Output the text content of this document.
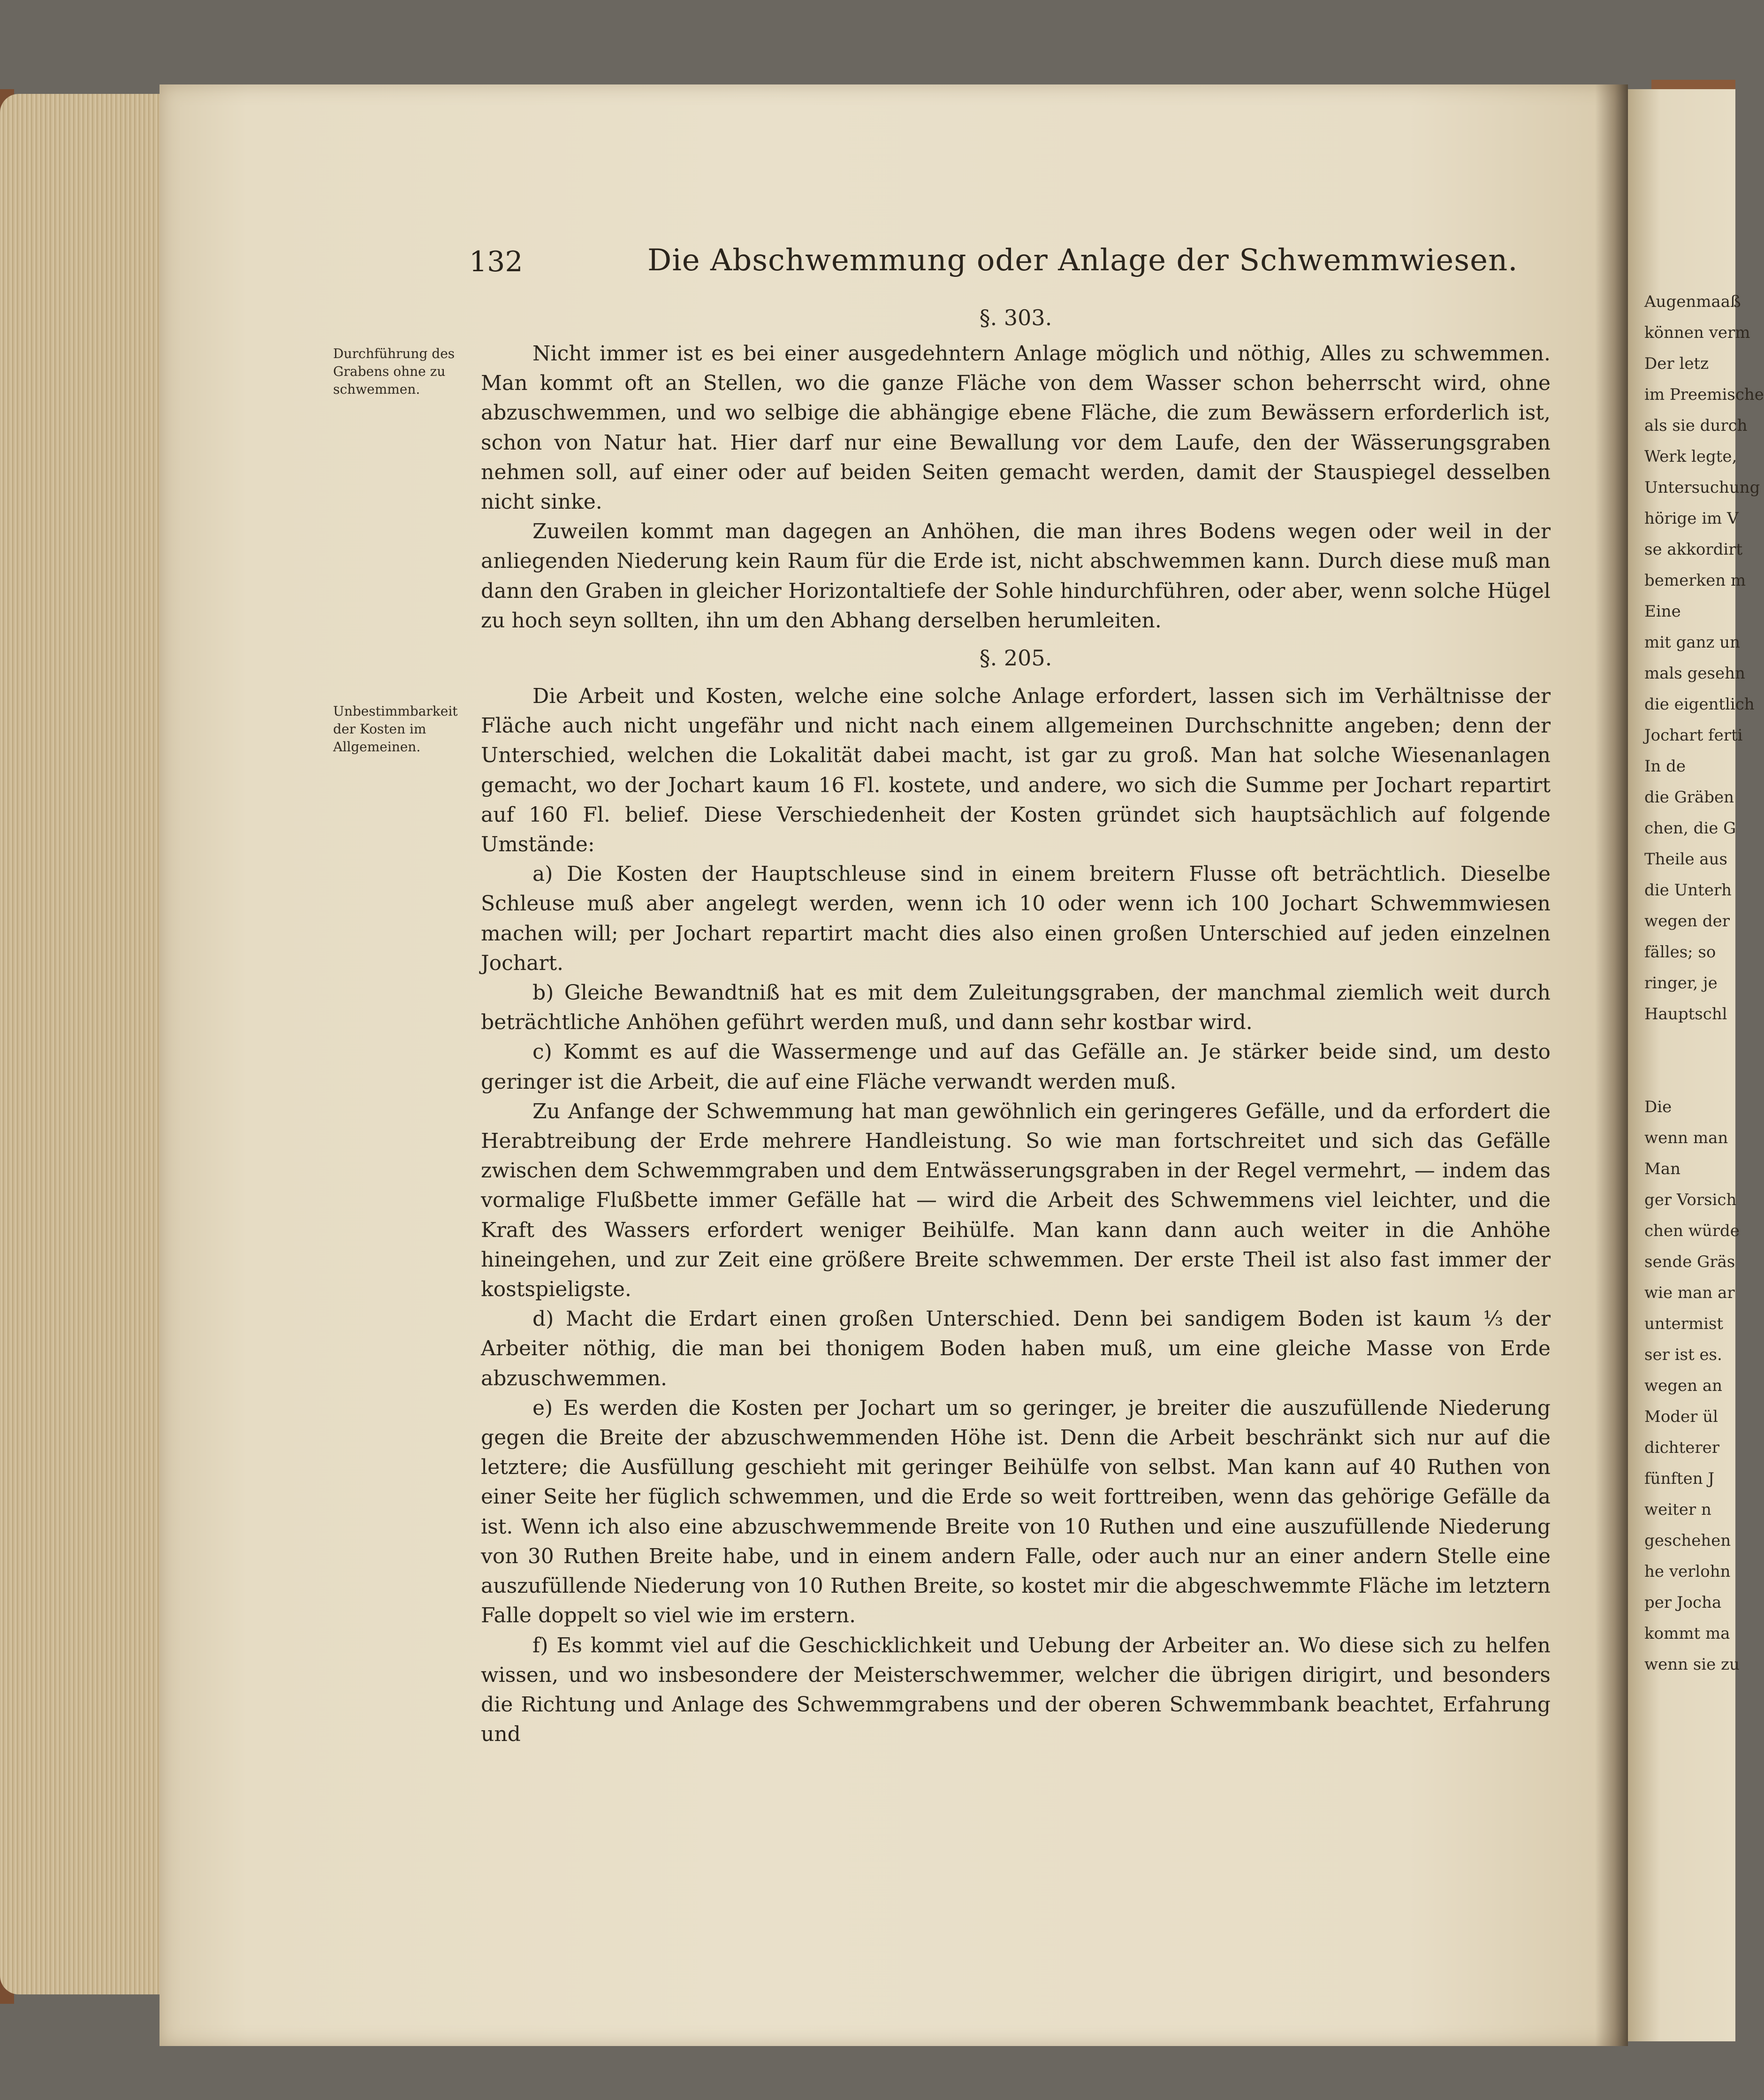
Die Abschwemmung oder Anlage der Schwemmwiesen.
132
§. 303.
Durchführung des Grabens ohne zu schwemmen.

Nicht immer ist es bei einer ausgedehntern Anlage möglich und nöthig, Alles zu schwemmen. Man kommt oft an Stellen, wo die ganze Fläche von dem Wasser schon beherrscht wird, ohne abzuschwemmen, und wo selbige die abhängige ebene Fläche, die zum Bewässern erforderlich ist, schon von Natur hat. Hier darf nur eine Bewallung vor dem Laufe, den der Wässerungsgraben nehmen soll, auf einer oder auf beiden Seiten gemacht werden, damit der Stauspiegel desselben nicht sinke.

Zuweilen kommt man dagegen an Anhöhen, die man ihres Bodens wegen oder weil in der anliegenden Niederung kein Raum für die Erde ist, nicht abschwemmen kann. Durch diese muß man dann den Graben in gleicher Horizontaltiefe der Sohle hindurchführen, oder aber, wenn solche Hügel zu hoch seyn sollten, ihn um den Abhang derselben herumleiten.

§. 205.
Unbestimmbarkeit der Kosten im Allgemeinen.

Die Arbeit und Kosten, welche eine solche Anlage erfordert, lassen sich im Verhältnisse der Fläche auch nicht ungefähr und nicht nach einem allgemeinen Durchschnitte angeben; denn der Unterschied, welchen die Lokalität dabei macht, ist gar zu groß. Man hat solche Wiesenanlagen gemacht, wo der Jochart kaum 16 Fl. kostete, und andere, wo sich die Summe per Jochart repartirt auf 160 Fl. belief. Diese Verschiedenheit der Kosten gründet sich hauptsächlich auf folgende Umstände:

a) Die Kosten der Hauptschleuse sind in einem breitern Flusse oft beträchtlich. Dieselbe Schleuse muß aber angelegt werden, wenn ich 10 oder wenn ich 100 Jochart Schwemmwiesen machen will; per Jochart repartirt macht dies also einen großen Unterschied auf jeden einzelnen Jochart.

b) Gleiche Bewandtniß hat es mit dem Zuleitungsgraben, der manchmal ziemlich weit durch beträchtliche Anhöhen geführt werden muß, und dann sehr kostbar wird.

c) Kommt es auf die Wassermenge und auf das Gefälle an. Je stärker beide sind, um desto geringer ist die Arbeit, die auf eine Fläche verwandt werden muß.

Zu Anfange der Schwemmung hat man gewöhnlich ein geringeres Gefälle, und da erfordert die Herabtreibung der Erde mehrere Handleistung. So wie man fortschreitet und sich das Gefälle zwischen dem Schwemmgraben und dem Entwässerungsgraben in der Regel vermehrt, — indem das vormalige Flußbette immer Gefälle hat — wird die Arbeit des Schwemmens viel leichter, und die Kraft des Wassers erfordert weniger Beihülfe. Man kann dann auch weiter in die Anhöhe hineingehen, und zur Zeit eine größere Breite schwemmen. Der erste Theil ist also fast immer der kostspieligste.

d) Macht die Erdart einen großen Unterschied. Denn bei sandigem Boden ist kaum ⅓ der Arbeiter nöthig, die man bei thonigem Boden haben muß, um eine gleiche Masse von Erde abzuschwemmen.

e) Es werden die Kosten per Jochart um so geringer, je breiter die auszufüllende Niederung gegen die Breite der abzuschwemmenden Höhe ist. Denn die Arbeit beschränkt sich nur auf die letztere; die Ausfüllung geschieht mit geringer Beihülfe von selbst. Man kann auf 40 Ruthen von einer Seite her füglich schwemmen, und die Erde so weit forttreiben, wenn das gehörige Gefälle da ist. Wenn ich also eine abzuschwemmende Breite von 10 Ruthen und eine auszufüllende Niederung von 30 Ruthen Breite habe, und in einem andern Falle, oder auch nur an einer andern Stelle eine auszufüllende Niederung von 10 Ruthen Breite, so kostet mir die abgeschwemmte Fläche im letztern Falle doppelt so viel wie im erstern.

f) Es kommt viel auf die Geschicklichkeit und Uebung der Arbeiter an. Wo diese sich zu helfen wissen, und wo insbesondere der Meisterschwemmer, welcher die übrigen dirigirt, und besonders die Richtung und Anlage des Schwemmgrabens und der oberen Schwemmbank beachtet, Erfahrung und

Augenmaaß
können verm
Der letz
im Preemische
als sie durch
Werk legte,
Untersuchung
hörige im V
se akkordirt
bemerken m
Eine
mit ganz un
mals gesehn
die eigentlich
Jochart ferti
In de
die Gräben
chen, die G
Theile aus
die Unterh
wegen der
fälles; so
ringer, je
Hauptschl
Die
wenn man
Man
ger Vorsich
chen würde
sende Gräs
wie man ar
untermist
ser ist es.
wegen an
Moder ül
dichterer
fünften J
weiter n
geschehen
he verlohn
per Jocha
kommt ma
wenn sie zu
